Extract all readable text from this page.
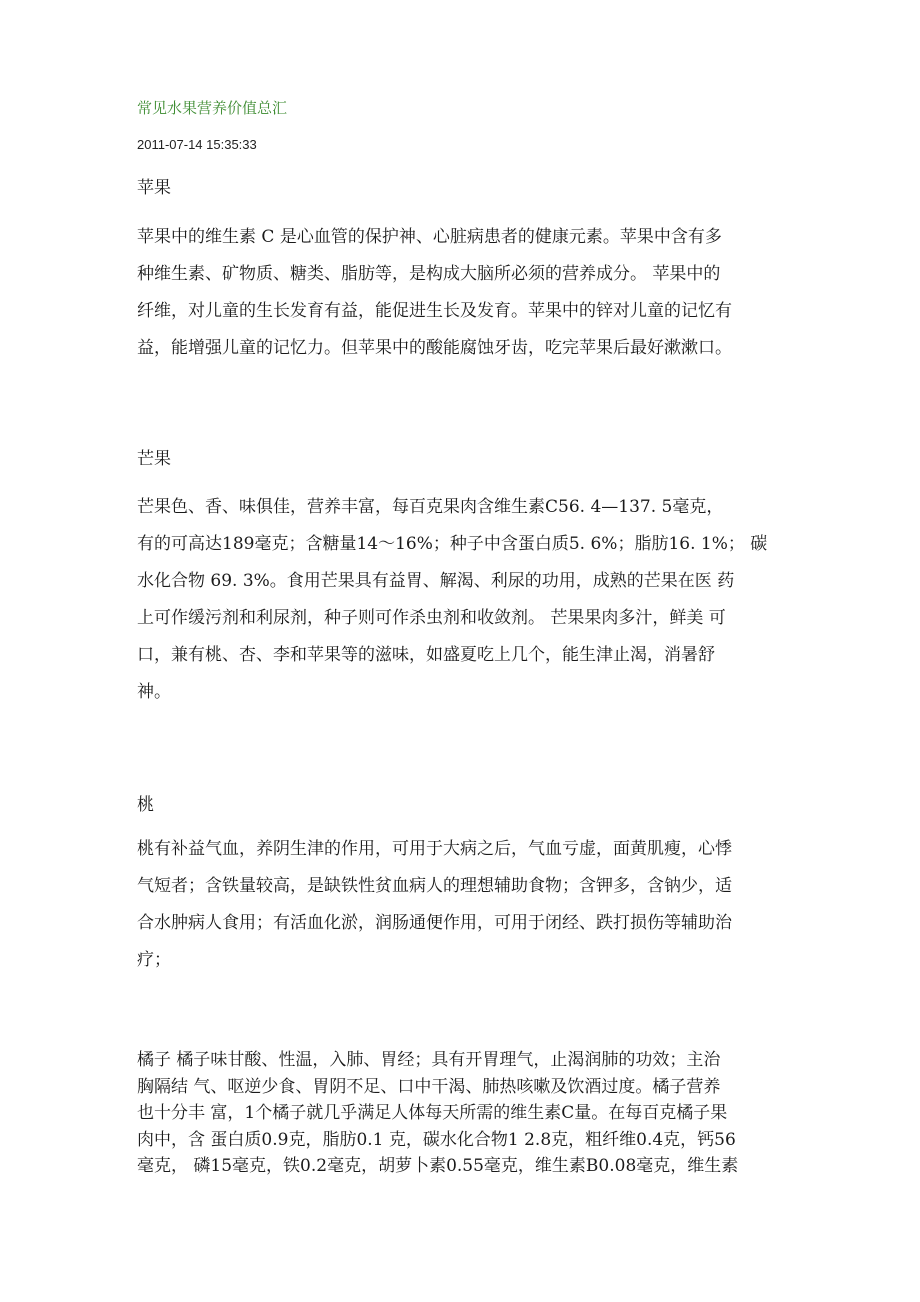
常见水果营养价值总汇
2011-07-14 15:35:33
苹果
苹果中的维生素 C 是心血管的保护神、心脏病患者的健康元素。苹果中含有多
种维生素、矿物质、糖类、脂肪等，是构成大脑所必须的营养成分。 苹果中的
纤维，对儿童的生长发育有益，能促进生长及发育。苹果中的锌对儿童的记忆有
益，能增强儿童的记忆力。但苹果中的酸能腐蚀牙齿，吃完苹果后最好漱漱口。
芒果
芒果色、香、味俱佳，营养丰富，每百克果肉含维生素C56. 4—137. 5毫克，
有的可高达189毫克；含糖量14〜16%；种子中含蛋白质5. 6%；脂肪16. 1%； 碳
水化合物 69. 3%。食用芒果具有益胃、解渴、利尿的功用，成熟的芒果在医 药
上可作缓污剂和利尿剂，种子则可作杀虫剂和收敛剂。 芒果果肉多汁，鲜美 可
口，兼有桃、杏、李和苹果等的滋味，如盛夏吃上几个，能生津止渴，消暑舒
神。
桃
桃有补益气血，养阴生津的作用，可用于大病之后，气血亏虚，面黄肌瘦，心悸
气短者；含铁量较高，是缺铁性贫血病人的理想辅助食物；含钾多，含钠少，适
合水肿病人食用；有活血化淤，润肠通便作用，可用于闭经、跌打损伤等辅助治
疗；
橘子 橘子味甘酸、性温，入肺、胃经；具有开胃理气，止渴润肺的功效；主治
胸隔结 气、呕逆少食、胃阴不足、口中干渴、肺热咳嗽及饮酒过度。橘子营养
也十分丰 富，1个橘子就几乎满足人体每天所需的维生素C量。在每百克橘子果
肉中，含 蛋白质0.9克，脂肪0.1 克，碳水化合物1 2.8克，粗纤维0.4克，钙56
毫克， 磷15毫克，铁0.2毫克，胡萝卜素0.55毫克，维生素B0.08毫克，维生素
